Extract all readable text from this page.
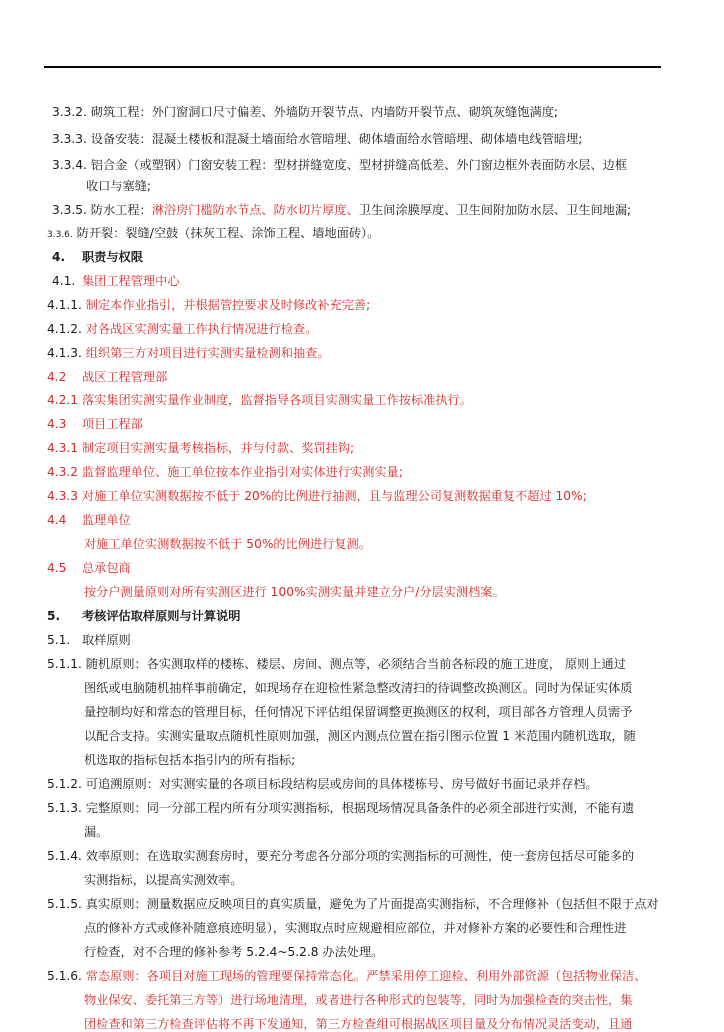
3.3.2. 砌筑工程：外门窗洞口尺寸偏差、外墙防开裂节点、内墙防开裂节点、砌筑灰缝饱满度;
3.3.3. 设备安装：混凝土楼板和混凝土墙面给水管暗埋、砌体墙面给水管暗埋、砌体墙电线管暗埋;
3.3.4. 铝合金（或塑钢）门窗安装工程：型材拼缝宽度、型材拼缝高低差、外门窗边框外表面防水层、边框
收口与塞缝;
3.3.5. 防水工程：淋浴房门槛防水节点、防水切片厚度、卫生间涂膜厚度、卫生间附加防水层、卫生间地漏;
3.3.6. 防开裂：裂缝/空鼓（抹灰工程、涂饰工程、墙地面砖）。
4. 职责与权限
4.1. 集团工程管理中心
4.1.1. 制定本作业指引，并根据管控要求及时修改补充完善;
4.1.2. 对各战区实测实量工作执行情况进行检查。
4.1.3. 组织第三方对项目进行实测实量检测和抽查。
4.2 战区工程管理部
4.2.1 落实集团实测实量作业制度，监督指导各项目实测实量工作按标准执行。
4.3 项目工程部
4.3.1 制定项目实测实量考核指标，并与付款、奖罚挂钩;
4.3.2 监督监理单位、施工单位按本作业指引对实体进行实测实量;
4.3.3 对施工单位实测数据按不低于 20%的比例进行抽测，且与监理公司复测数据重复不超过 10%;
4.4 监理单位
对施工单位实测数据按不低于 50%的比例进行复测。
4.5 总承包商
按分户测量原则对所有实测区进行 100%实测实量并建立分户/分层实测档案。
5. 考核评估取样原则与计算说明
5.1. 取样原则
5.1.1. 随机原则：各实测取样的楼栋、楼层、房间、测点等，必须结合当前各标段的施工进度， 原则上通过
图纸或电脑随机抽样事前确定，如现场存在迎检性紧急整改清扫的待调整改换测区。同时为保证实体质
量控制均好和常态的管理目标，任何情况下评估组保留调整更换测区的权利，项目部各方管理人员需予
以配合支持。实测实量取点随机性原则加强，测区内测点位置在指引图示位置 1 米范围内随机选取，随
机选取的指标包括本指引内的所有指标;
5.1.2. 可追溯原则：对实测实量的各项目标段结构层或房间的具体楼栋号、房号做好书面记录并存档。
5.1.3. 完整原则：同一分部工程内所有分项实测指标，根据现场情况具备条件的必须全部进行实测，不能有遗
漏。
5.1.4. 效率原则：在选取实测套房时，要充分考虑各分部分项的实测指标的可测性，使一套房包括尽可能多的
实测指标，以提高实测效率。
5.1.5. 真实原则：测量数据应反映项目的真实质量，避免为了片面提高实测指标，不合理修补（包括但不限于点对
点的修补方式或修补随意痕迹明显），实测取点时应规避相应部位，并对修补方案的必要性和合理性进
行检查，对不合理的修补参考 5.2.4~5.2.8 办法处理。
5.1.6. 常态原则：各项目对施工现场的管理要保持常态化。严禁采用停工迎检、利用外部资源（包括物业保洁、
物业保安、委托第三方等）进行场地清理，或者进行各种形式的包装等，同时为加强检查的突击性，集
团检查和第三方检查评估将不再下发通知，第三方检查组可根据战区项目量及分布情况灵活变动，且通
